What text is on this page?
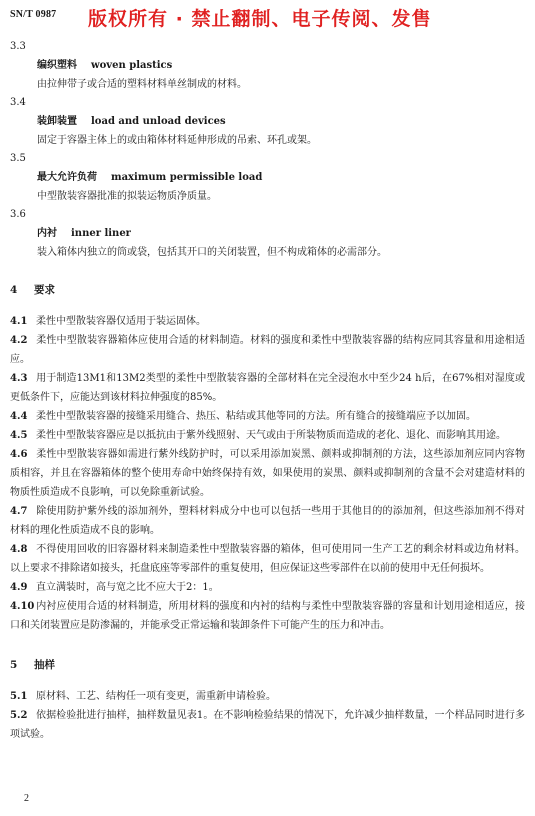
SN/T 0987 版权所有 · 禁止翻制、电子传阅、发售
3.3
编织塑料 woven plastics
由拉伸带子或合适的塑料材料单丝制成的材料。
3.4
装卸装置 load and unload devices
固定于容器主体上的或由箱体材料延伸形成的吊索、环孔或架。
3.5
最大允许负荷 maximum permissible load
中型散装容器批准的拟装运物质净质量。
3.6
内衬 inner liner
装入箱体内独立的筒或袋，包括其开口的关闭装置，但不构成箱体的必需部分。
4 要求
4.1 柔性中型散装容器仅适用于装运固体。
4.2 柔性中型散装容器箱体应使用合适的材料制造。材料的强度和柔性中型散装容器的结构应同其容量和用途相适应。
4.3 用于制造13M1和13M2类型的柔性中型散装容器的全部材料在完全浸泡水中至少24 h后，在67%相对湿度或更低条件下，应能达到该材料拉伸强度的85%。
4.4 柔性中型散装容器的接缝采用缝合、热压、粘结或其他等同的方法。所有缝合的接缝端应予以加固。
4.5 柔性中型散装容器应是以抵抗由于紫外线照射、天气或由于所装物质而造成的老化、退化、而影响其用途。
4.6 柔性中型散装容器如需进行紫外线防护时，可以采用添加炭黑、颜料或抑制剂的方法，这些添加剂应同内容物质相容，并且在容器箱体的整个使用寿命中始终保持有效，如果使用的炭黑、颜料或抑制剂的含量不会对建造材料的物质性质造成不良影响，可以免除重新试验。
4.7 除使用防护紫外线的添加剂外，塑料材料成分中也可以包括一些用于其他目的的添加剂，但这些添加剂不得对材料的理化性质造成不良的影响。
4.8 不得使用回收的旧容器材料来制造柔性中型散装容器的箱体，但可使用同一生产工艺的剩余材料或边角材料。以上要求不排除诸如接头，托盘底座等零部件的重复使用，但应保证这些零部件在以前的使用中无任何损坏。
4.9 直立满装时，高与宽之比不应大于2：1。
4.10 内衬应使用合适的材料制造，所用材料的强度和内衬的结构与柔性中型散装容器的容量和计划用途相适应，接口和关闭装置应是防渗漏的，并能承受正常运输和装卸条件下可能产生的压力和冲击。
5 抽样
5.1 原材料、工艺、结构任一项有变更，需重新申请检验。
5.2 依据检验批进行抽样，抽样数量见表1。在不影响检验结果的情况下，允许减少抽样数量，一个样品同时进行多项试验。
2
